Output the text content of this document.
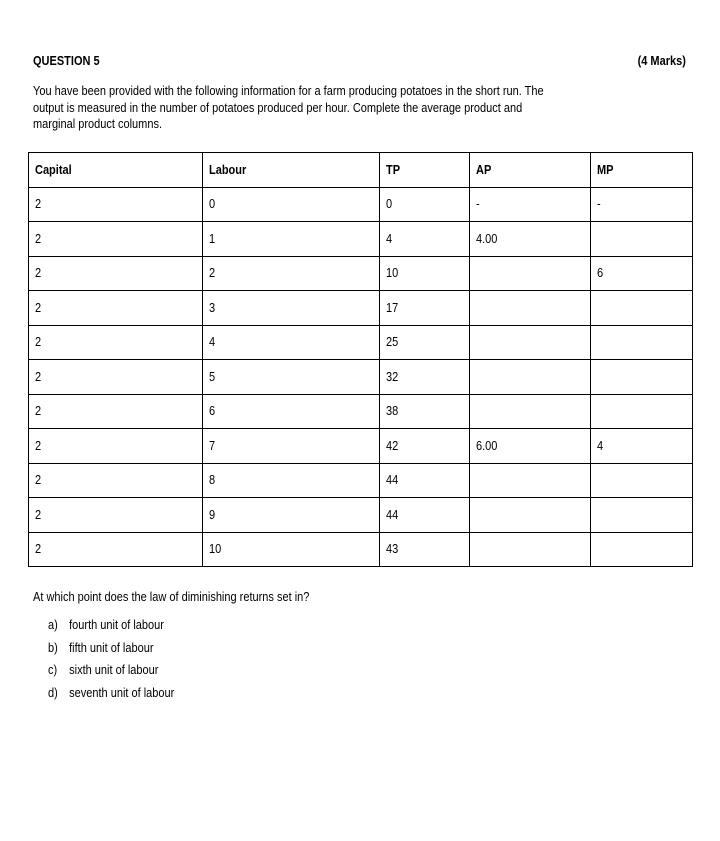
QUESTION 5	(4 Marks)
You have been provided with the following information for a farm producing potatoes in the short run. The
output is measured in the number of potatoes produced per hour. Complete the average product and
marginal product columns.
Capital	Labour	TP	AP	MP
2	0	0	-	-
2	1	4	4.00	
2	2	10		6
2	3	17		
2	4	25		
2	5	32		
2	6	38		
2	7	42	6.00	4
2	8	44		
2	9	44		
2	10	43		
At which point does the law of diminishing returns set in?
a) fourth unit of labour
b) fifth unit of labour
c) sixth unit of labour
d) seventh unit of labour
